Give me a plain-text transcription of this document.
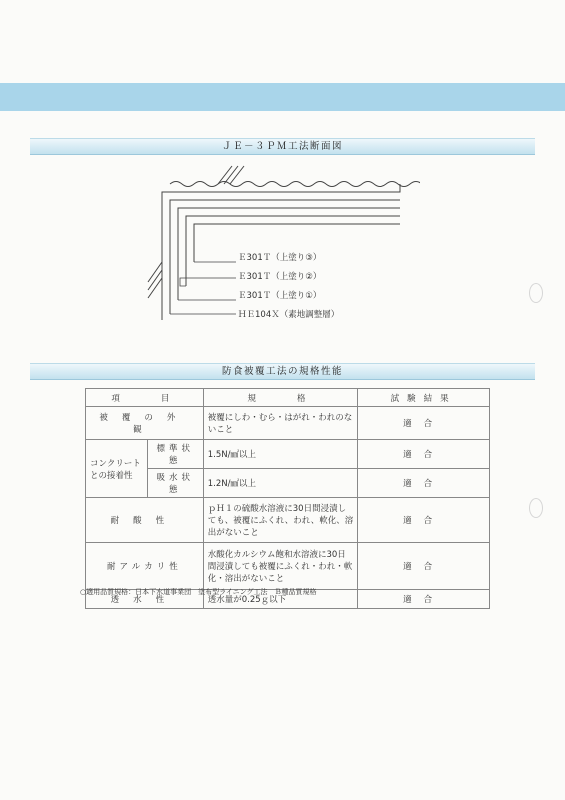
ＪＥ－３ＰＭ工法断面図
Ｅ301Ｔ（上塗り③）
Ｅ301Ｔ（上塗り②）
Ｅ301Ｔ（上塗り①）
ＨＥ104Ｘ（素地調整層）
防食被覆工法の規格性能
項　　目		規　　格	試験結果
被覆の外観		被覆にしわ・むら・はがれ・われのないこと	適合
コンクリートとの接着性	標準状態	1.5N/㎟以上	適合
	吸水状態	1.2N/㎟以上	適合
耐酸性		ｐＨ１の硫酸水溶液に30日間浸漬しても、被覆にふくれ、われ、軟化、溶出がないこと	適合
耐アルカリ性		水酸化カルシウム飽和水溶液に30日間浸漬しても被覆にふくれ・われ・軟化・溶出がないこと	適合
透水性		透水量が0.25ｇ以下	適合
○適用品質規格：日本下水道事業団　塗布型ライニング工法　Ｂ種品質規格
